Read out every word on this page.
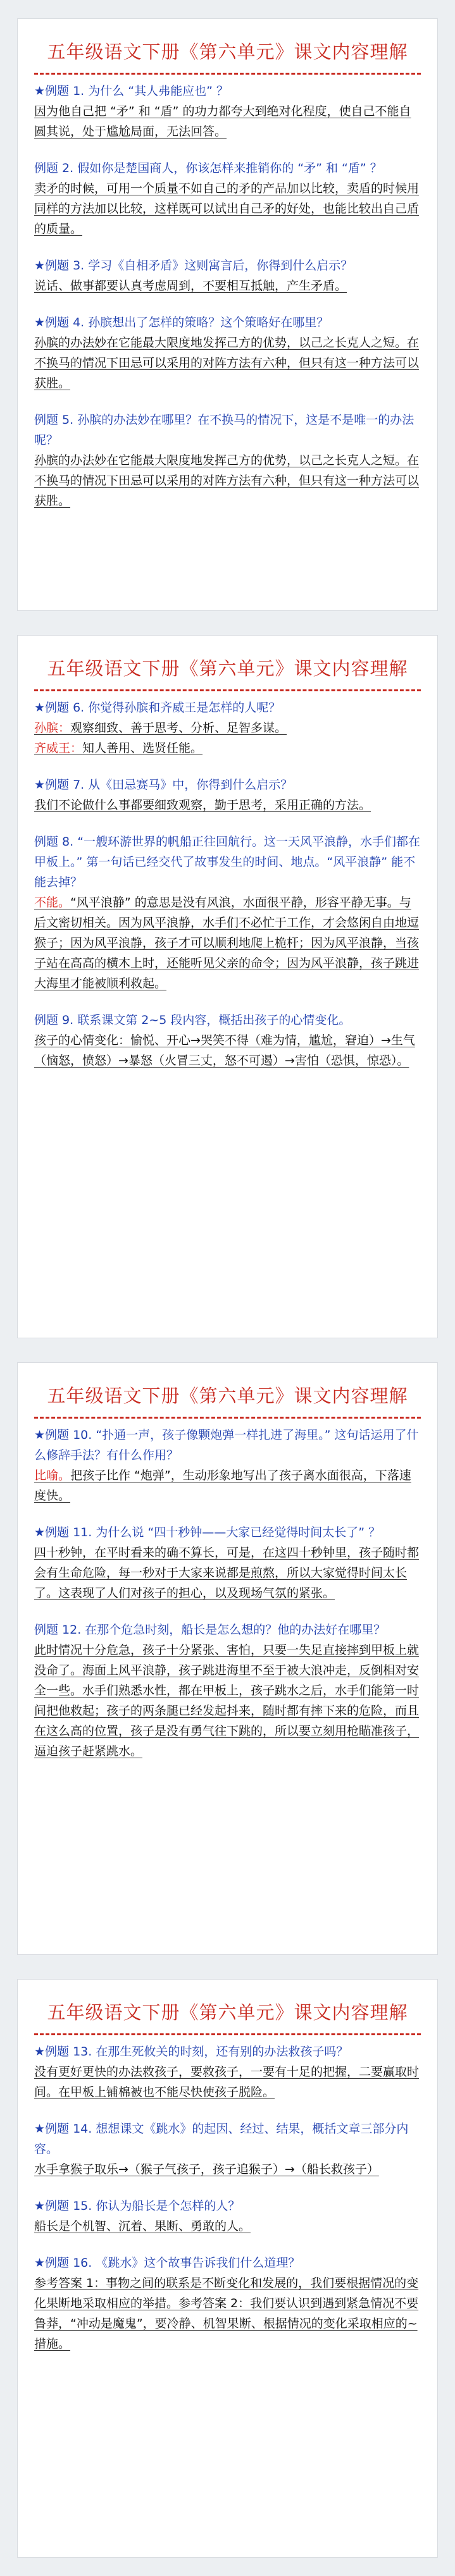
五年级语文下册《第六单元》课文内容理解
★例题 1. 为什么 “其人弗能应也” ？
因为他自己把 “矛” 和 “盾” 的功力都夸大到绝对化程度，使自己不能自圆其说，处于尴尬局面，无法回答。
例题 2. 假如你是楚国商人，你该怎样来推销你的 “矛” 和 “盾” ？
卖矛的时候，可用一个质量不如自己的矛的产品加以比较，卖盾的时候用同样的方法加以比较，这样既可以试出自己矛的好处，也能比较出自己盾的质量。
★例题 3. 学习《自相矛盾》这则寓言后，你得到什么启示？
说话、做事都要认真考虑周到，不要相互抵触，产生矛盾。
★例题 4. 孙膑想出了怎样的策略？这个策略好在哪里？
孙膑的办法妙在它能最大限度地发挥己方的优势，以己之长克人之短。在不换马的情况下田忌可以采用的对阵方法有六种，但只有这一种方法可以获胜。
例题 5. 孙膑的办法妙在哪里？在不换马的情况下，这是不是唯一的办法呢？
孙膑的办法妙在它能最大限度地发挥己方的优势，以己之长克人之短。在不换马的情况下田忌可以采用的对阵方法有六种，但只有这一种方法可以获胜。
五年级语文下册《第六单元》课文内容理解
★例题 6. 你觉得孙膑和齐威王是怎样的人呢？
孙膑：观察细致、善于思考、分析、足智多谋。
齐威王：知人善用、选贤任能。
★例题 7. 从《田忌赛马》中，你得到什么启示？
我们不论做什么事都要细致观察，勤于思考，采用正确的方法。
例题 8. “一艘环游世界的帆船正往回航行。这一天风平浪静，水手们都在甲板上。” 第一句话已经交代了故事发生的时间、地点。“风平浪静” 能不能去掉？
不能。“风平浪静” 的意思是没有风浪，水面很平静，形容平静无事。与后文密切相关。因为风平浪静，水手们不必忙于工作，才会悠闲自由地逗猴子；因为风平浪静，孩子才可以顺利地爬上桅杆；因为风平浪静，当孩子站在高高的横木上时，还能听见父亲的命令；因为风平浪静，孩子跳进大海里才能被顺利救起。
例题 9. 联系课文第 2~5 段内容，概括出孩子的心情变化。
孩子的心情变化：愉悦、开心→哭笑不得（难为情，尴尬，窘迫）→生气（恼怒，愤怒）→暴怒（火冒三丈，怒不可遏）→害怕（恐惧，惊恐）。
五年级语文下册《第六单元》课文内容理解
★例题 10. “扑通一声，孩子像颗炮弹一样扎进了海里。” 这句话运用了什么修辞手法？有什么作用？
比喻。把孩子比作 “炮弹”，生动形象地写出了孩子离水面很高，下落速度快。
★例题 11. 为什么说 “四十秒钟——大家已经觉得时间太长了” ？
四十秒钟，在平时看来的确不算长，可是，在这四十秒钟里，孩子随时都会有生命危险，每一秒对于大家来说都是煎熬，所以大家觉得时间太长了。这表现了人们对孩子的担心，以及现场气氛的紧张。
例题 12. 在那个危急时刻，船长是怎么想的？他的办法好在哪里？
此时情况十分危急，孩子十分紧张、害怕，只要一失足直接摔到甲板上就没命了。海面上风平浪静，孩子跳进海里不至于被大浪冲走，反倒相对安全一些。水手们熟悉水性，都在甲板上，孩子跳水之后，水手们能第一时间把他救起；孩子的两条腿已经发起抖来，随时都有摔下来的危险，而且在这么高的位置，孩子是没有勇气往下跳的，所以要立刻用枪瞄准孩子，逼迫孩子赶紧跳水。
五年级语文下册《第六单元》课文内容理解
★例题 13. 在那生死攸关的时刻，还有别的办法救孩子吗？
没有更好更快的办法救孩子，要救孩子，一要有十足的把握，二要赢取时间。在甲板上铺棉被也不能尽快使孩子脱险。
★例题 14. 想想课文《跳水》的起因、经过、结果，概括文章三部分内容。
水手拿猴子取乐→（猴子气孩子，孩子追猴子）→（船长救孩子）
★例题 15. 你认为船长是个怎样的人？
船长是个机智、沉着、果断、勇敢的人。
★例题 16. 《跳水》这个故事告诉我们什么道理？
参考答案 1：事物之间的联系是不断变化和发展的，我们要根据情况的变化果断地采取相应的举措。参考答案 2：我们要认识到遇到紧急情况不要鲁莽，“冲动是魔鬼”，要冷静、机智果断、根据情况的变化采取相应的~措施。
